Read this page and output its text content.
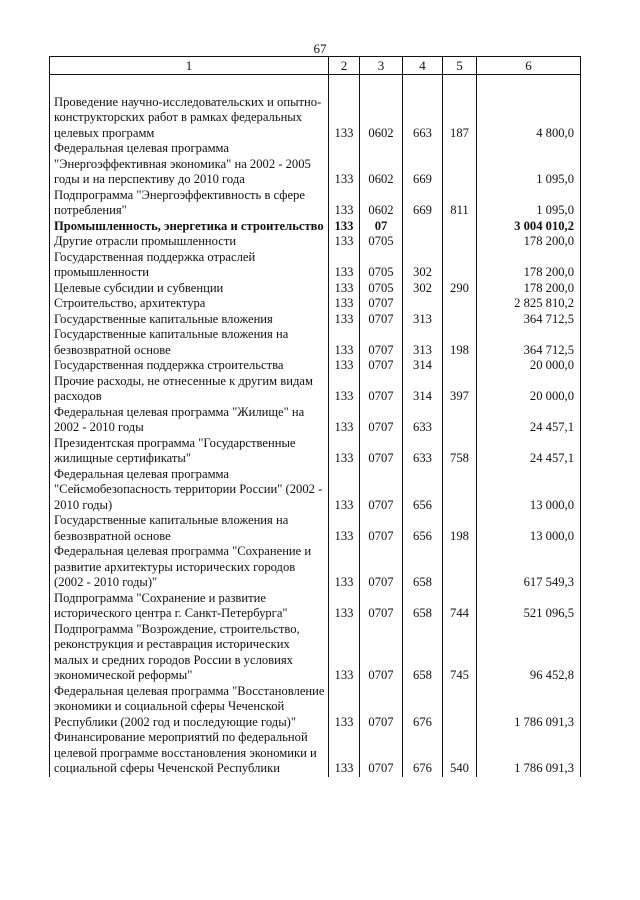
67
1	2	3	4	5	6

Проведение научно-исследовательских и опытно-конструкторских работ в рамках федеральных целевых программ	133	0602	663	187	4 800,0
Федеральная целевая программа "Энергоэффективная экономика" на 2002 - 2005 годы и на перспективу до 2010 года	133	0602	669		1 095,0
Подпрограмма "Энергоэффективность в сфере потребления"	133	0602	669	811	1 095,0
Промышленность, энергетика и строительство	133	07			3 004 010,2
Другие отрасли промышленности	133	0705			178 200,0
Государственная поддержка отраслей промышленности	133	0705	302		178 200,0
Целевые субсидии и субвенции	133	0705	302	290	178 200,0
Строительство, архитектура	133	0707			2 825 810,2
Государственные капитальные вложения	133	0707	313		364 712,5
Государственные капитальные вложения на безвозвратной основе	133	0707	313	198	364 712,5
Государственная поддержка строительства	133	0707	314		20 000,0
Прочие расходы, не отнесенные к другим видам расходов	133	0707	314	397	20 000,0
Федеральная целевая программа "Жилище" на 2002 - 2010 годы	133	0707	633		24 457,1
Президентская программа "Государственные жилищные сертификаты"	133	0707	633	758	24 457,1
Федеральная целевая программа "Сейсмобезопасность территории России" (2002 - 2010 годы)	133	0707	656		13 000,0
Государственные капитальные вложения на безвозвратной основе	133	0707	656	198	13 000,0
Федеральная целевая программа "Сохранение и развитие архитектуры исторических городов (2002 - 2010 годы)"	133	0707	658		617 549,3
Подпрограмма "Сохранение и развитие исторического центра г. Санкт-Петербурга"	133	0707	658	744	521 096,5
Подпрограмма "Возрождение, строительство, реконструкция и реставрация исторических малых и средних городов России в условиях экономической реформы"	133	0707	658	745	96 452,8
Федеральная целевая программа "Восстановление экономики и социальной сферы Чеченской Республики (2002 год и последующие годы)"	133	0707	676		1 786 091,3
Финансирование мероприятий по федеральной целевой программе восстановления экономики и социальной сферы Чеченской Республики	133	0707	676	540	1 786 091,3
